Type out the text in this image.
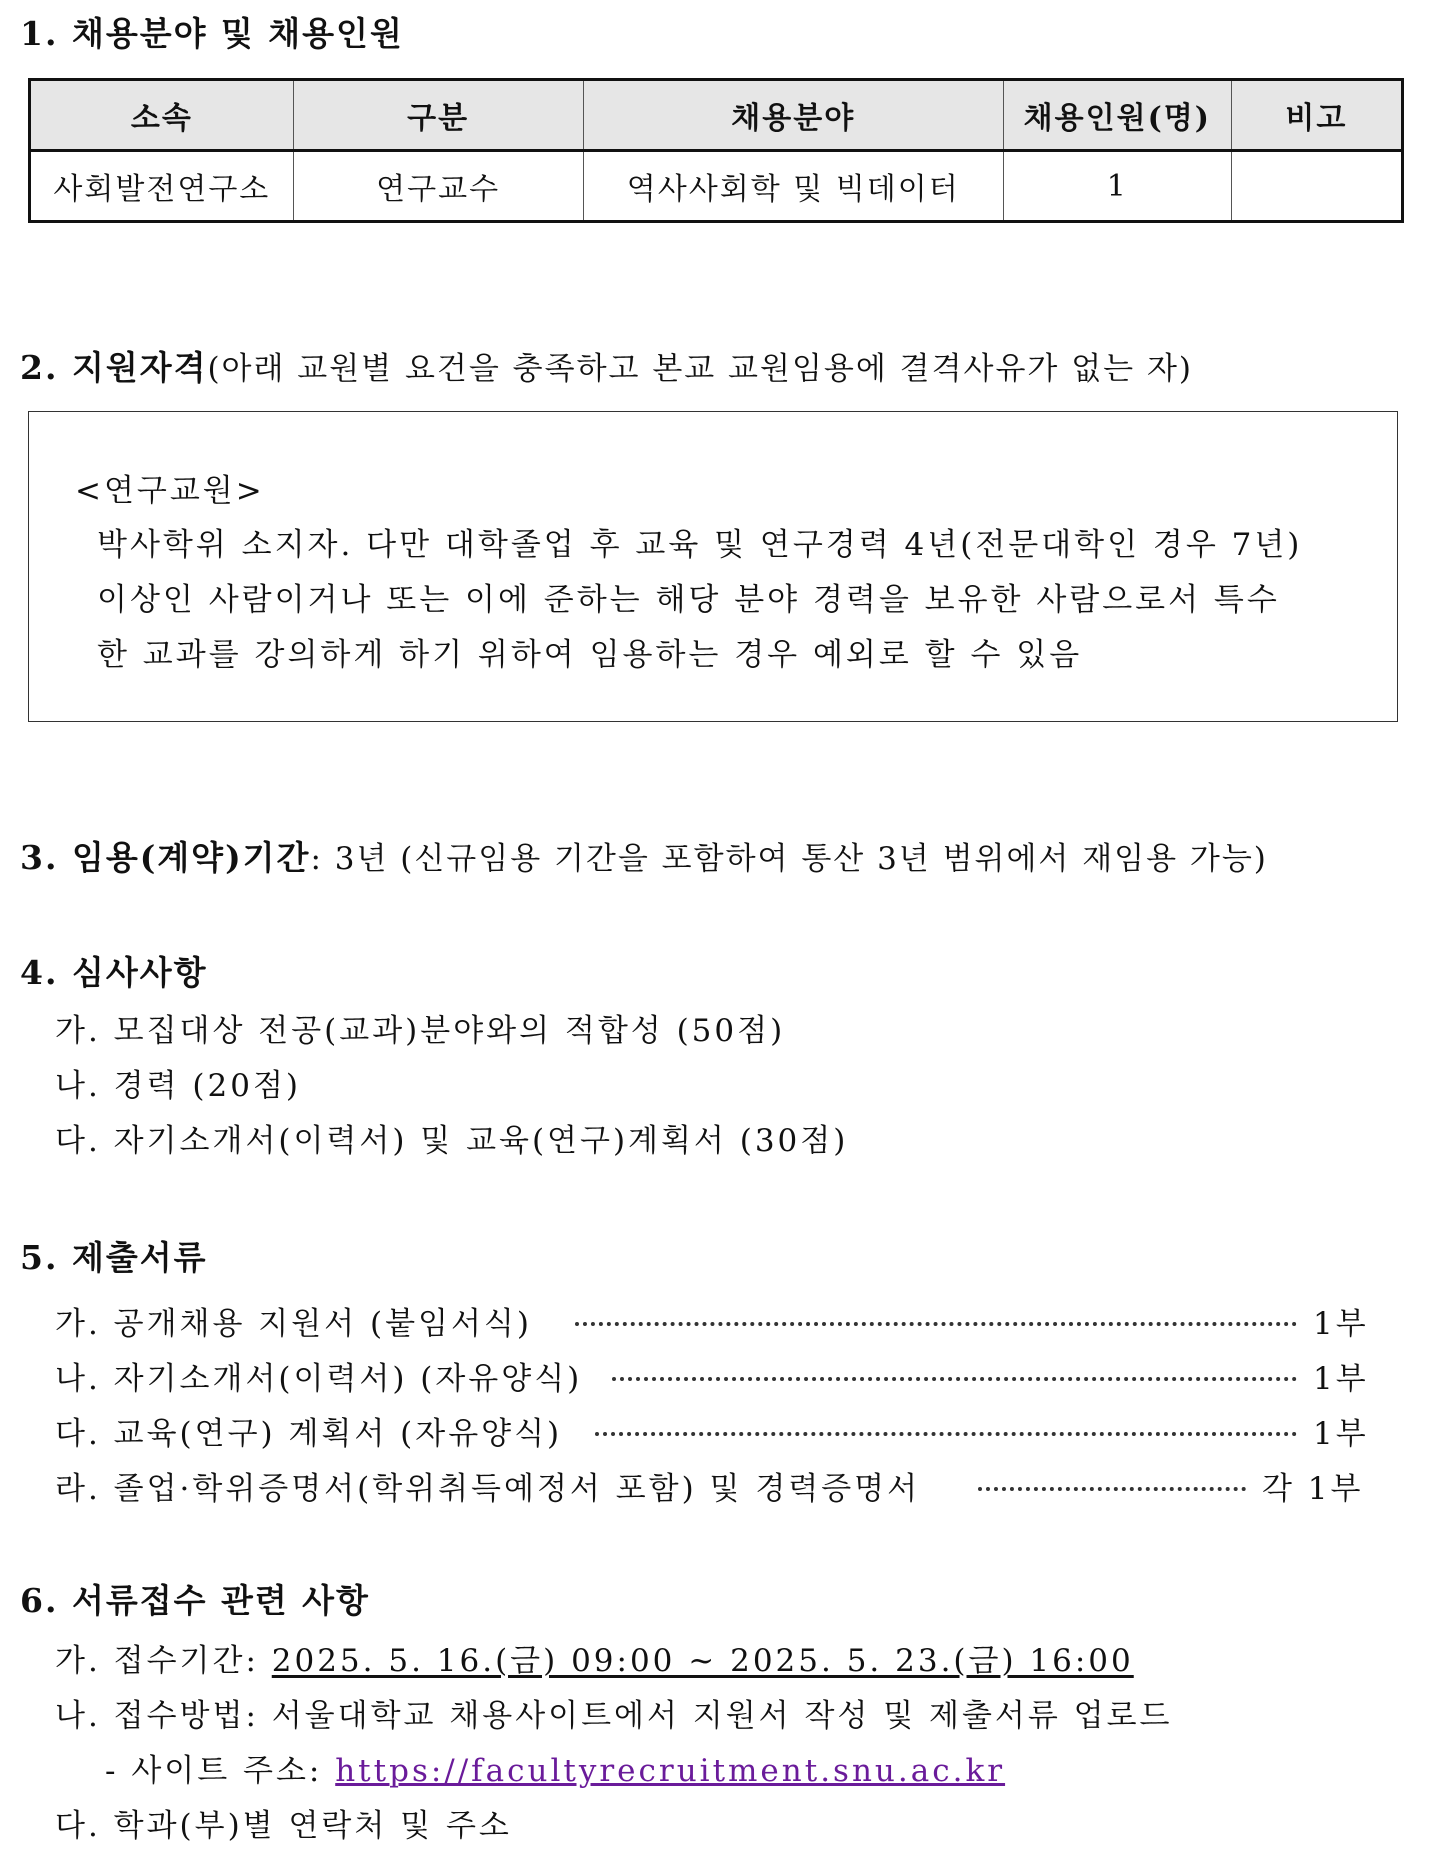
1. 채용분야 및 채용인원
소속	구분	채용분야	채용인원(명)	비고
사회발전연구소	연구교수	역사사회학 및 빅데이터	1	
2. 지원자격(아래 교원별 요건을 충족하고 본교 교원임용에 결격사유가 없는 자)
<연구교원>
박사학위 소지자. 다만 대학졸업 후 교육 및 연구경력 4년(전문대학인 경우 7년)
이상인 사람이거나 또는 이에 준하는 해당 분야 경력을 보유한 사람으로서 특수
한 교과를 강의하게 하기 위하여 임용하는 경우 예외로 할 수 있음
3. 임용(계약)기간: 3년 (신규임용 기간을 포함하여 통산 3년 범위에서 재임용 가능)
4. 심사사항
가. 모집대상 전공(교과)분야와의 적합성 (50점)
나. 경력 (20점)
다. 자기소개서(이력서) 및 교육(연구)계획서 (30점)
5. 제출서류
가. 공개채용 지원서 (붙임서식)	1부
나. 자기소개서(이력서) (자유양식)	1부
다. 교육(연구) 계획서 (자유양식)	1부
라. 졸업·학위증명서(학위취득예정서 포함) 및 경력증명서	각 1부
6. 서류접수 관련 사항
가. 접수기간: 2025. 5. 16.(금) 09:00 ~ 2025. 5. 23.(금) 16:00
나. 접수방법: 서울대학교 채용사이트에서 지원서 작성 및 제출서류 업로드
- 사이트 주소: https://facultyrecruitment.snu.ac.kr
다. 학과(부)별 연락처 및 주소
